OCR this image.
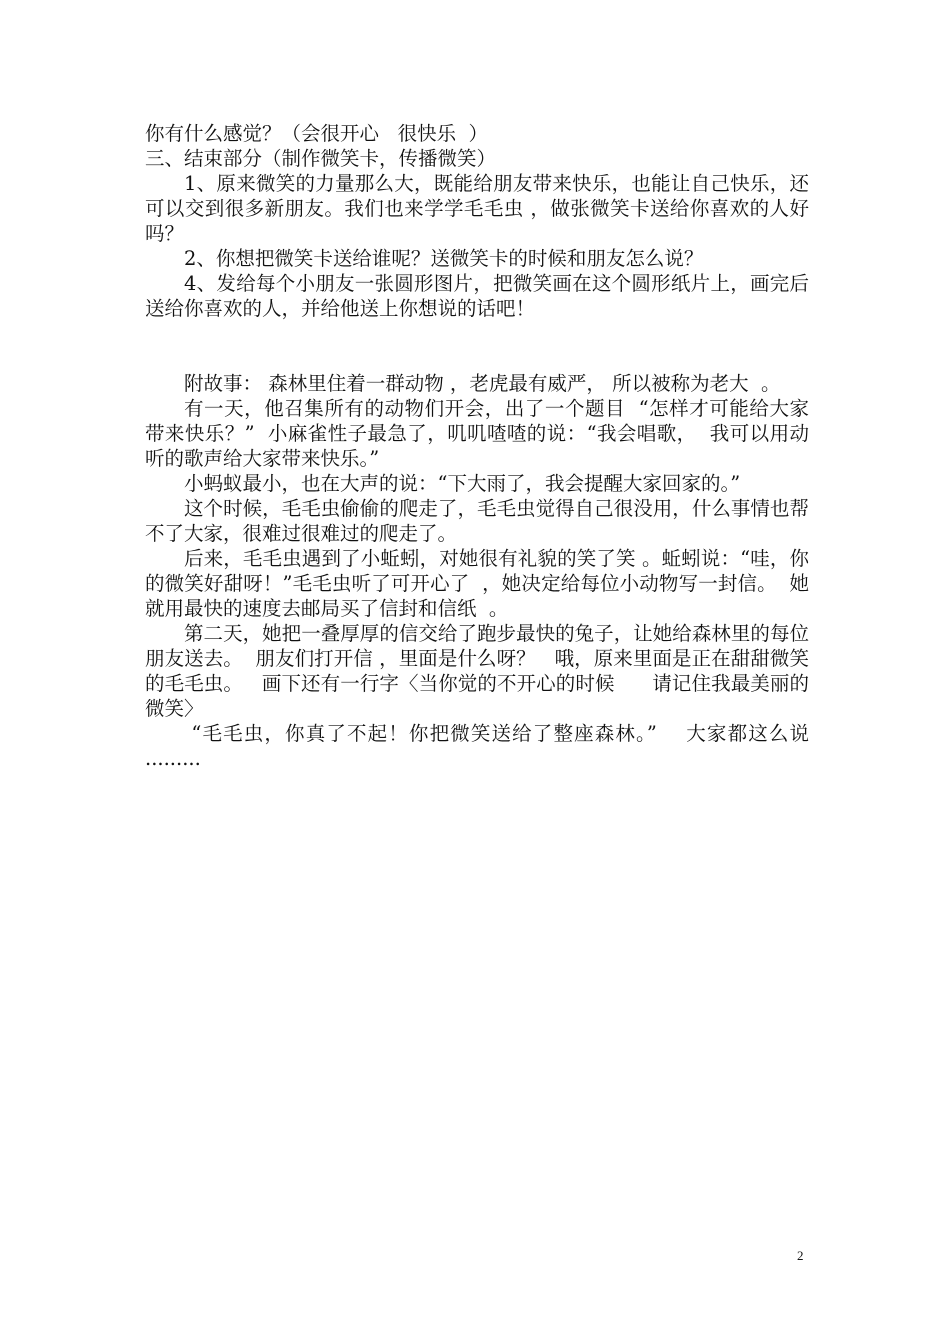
你有什么感觉？（会很开心   很快乐  ）

三、结束部分（制作微笑卡，传播微笑）

1、原来微笑的力量那么大，既能给朋友带来快乐，也能让自己快乐，还可以交到很多新朋友。我们也来学学毛毛虫 ，做张微笑卡送给你喜欢的人好吗？

2、你想把微笑卡送给谁呢？送微笑卡的时候和朋友怎么说？

4、发给每个小朋友一张圆形图片，把微笑画在这个圆形纸片上，画完后送给你喜欢的人，并给他送上你想说的话吧！

附故事： 森林里住着一群动物 ，老虎最有威严， 所以被称为老大  。

有一天，他召集所有的动物们开会，出了一个题目  “怎样才可能给大家带来快乐？”  小麻雀性子最急了，叽叽喳喳的说：“我会唱歌，  我可以用动听的歌声给大家带来快乐。”

小蚂蚁最小，也在大声的说：“下大雨了，我会提醒大家回家的。”

这个时候，毛毛虫偷偷的爬走了，毛毛虫觉得自己很没用，什么事情也帮不了大家，很难过很难过的爬走了。

后来，毛毛虫遇到了小蚯蚓，对她很有礼貌的笑了笑 。蚯蚓说：“哇，你的微笑好甜呀！”毛毛虫听了可开心了  ，她决定给每位小动物写一封信。  她就用最快的速度去邮局买了信封和信纸  。

第二天，她把一叠厚厚的信交给了跑步最快的兔子，让她给森林里的每位朋友送去。  朋友们打开信 ，里面是什么呀？   哦，原来里面是正在甜甜微笑的毛毛虫。   画下还有一行字〈当你觉的不开心的时候      请记住我最美丽的微笑〉

“毛毛虫，你真了不起！你把微笑送给了整座森林。”    大家都这么说     .........

2
